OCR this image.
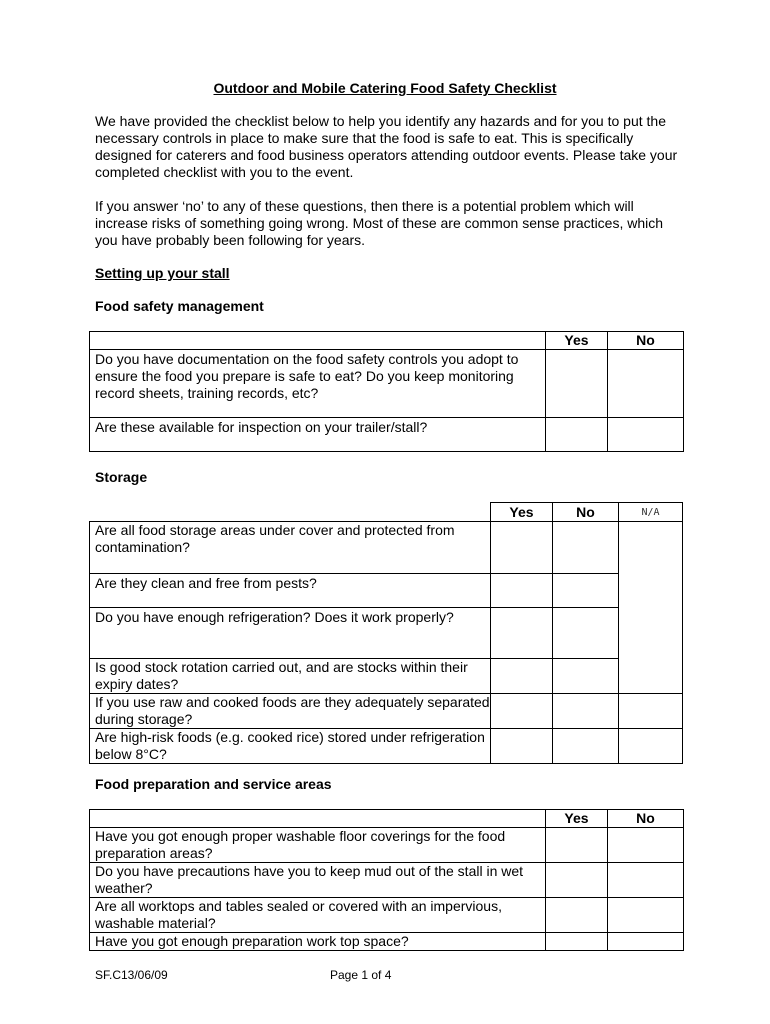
Outdoor and Mobile Catering Food Safety Checklist
We have provided the checklist below to help you identify any hazards and for you to put the necessary controls in place to make sure that the food is safe to eat. This is specifically designed for caterers and food business operators attending outdoor events. Please take your completed checklist with you to the event.
If you answer ‘no’ to any of these questions, then there is a potential problem which will increase risks of something going wrong. Most of these are common sense practices, which you have probably been following for years.
Setting up your stall
Food safety management
	Yes	No
Do you have documentation on the food safety controls you adopt to ensure the food you prepare is safe to eat? Do you keep monitoring record sheets, training records, etc?		
Are these available for inspection on your trailer/stall?		
Storage
	Yes	No	N/A
Are all food storage areas under cover and protected from contamination?			
Are they clean and free from pests?			
Do you have enough refrigeration? Does it work properly?			
Is good stock rotation carried out, and are stocks within their expiry dates?			
If you use raw and cooked foods are they adequately separated during storage?			
Are high-risk foods (e.g. cooked rice) stored under refrigeration below 8°C?			
Food preparation and service areas
	Yes	No
Have you got enough proper washable floor coverings for the food preparation areas?		
Do you have precautions have you to keep mud out of the stall in wet weather?		
Are all worktops and tables sealed or covered with an impervious, washable material?		
Have you got enough preparation work top space?		
SF.C13/06/09	Page 1 of 4
